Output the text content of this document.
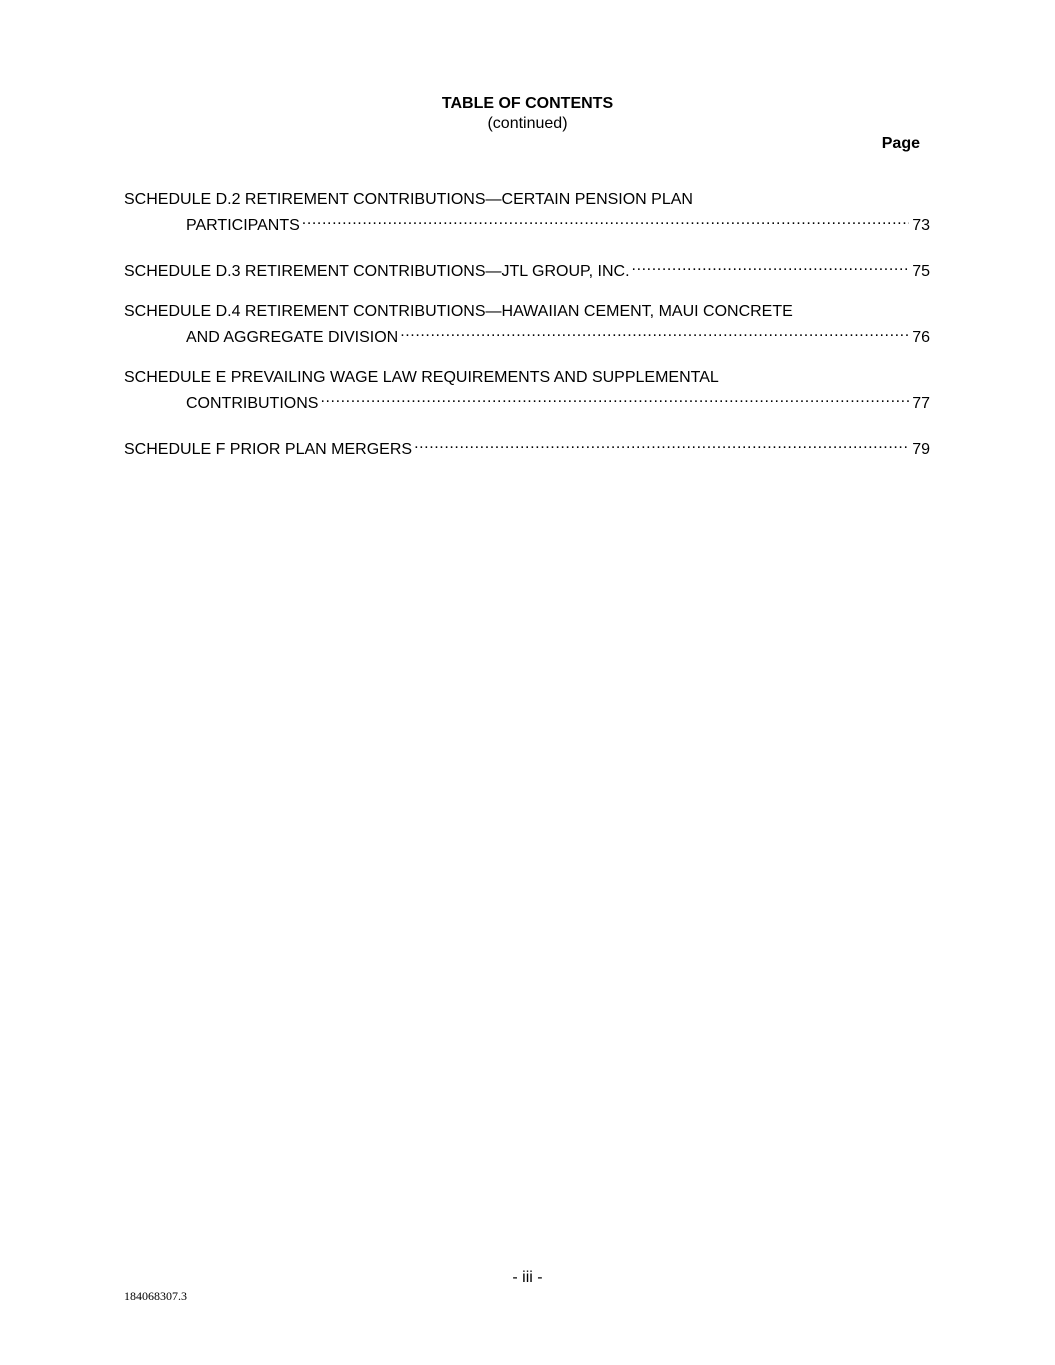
TABLE OF CONTENTS
(continued)
Page
SCHEDULE D.2 RETIREMENT CONTRIBUTIONS—CERTAIN PENSION PLAN
PARTICIPANTS .....	73
SCHEDULE D.3 RETIREMENT CONTRIBUTIONS—JTL GROUP, INC. .....	75
SCHEDULE D.4 RETIREMENT CONTRIBUTIONS—HAWAIIAN CEMENT, MAUI CONCRETE
AND AGGREGATE DIVISION .....	76
SCHEDULE E PREVAILING WAGE LAW REQUIREMENTS AND SUPPLEMENTAL
CONTRIBUTIONS .....	77
SCHEDULE F PRIOR PLAN MERGERS .....	79
- iii -
184068307.3
